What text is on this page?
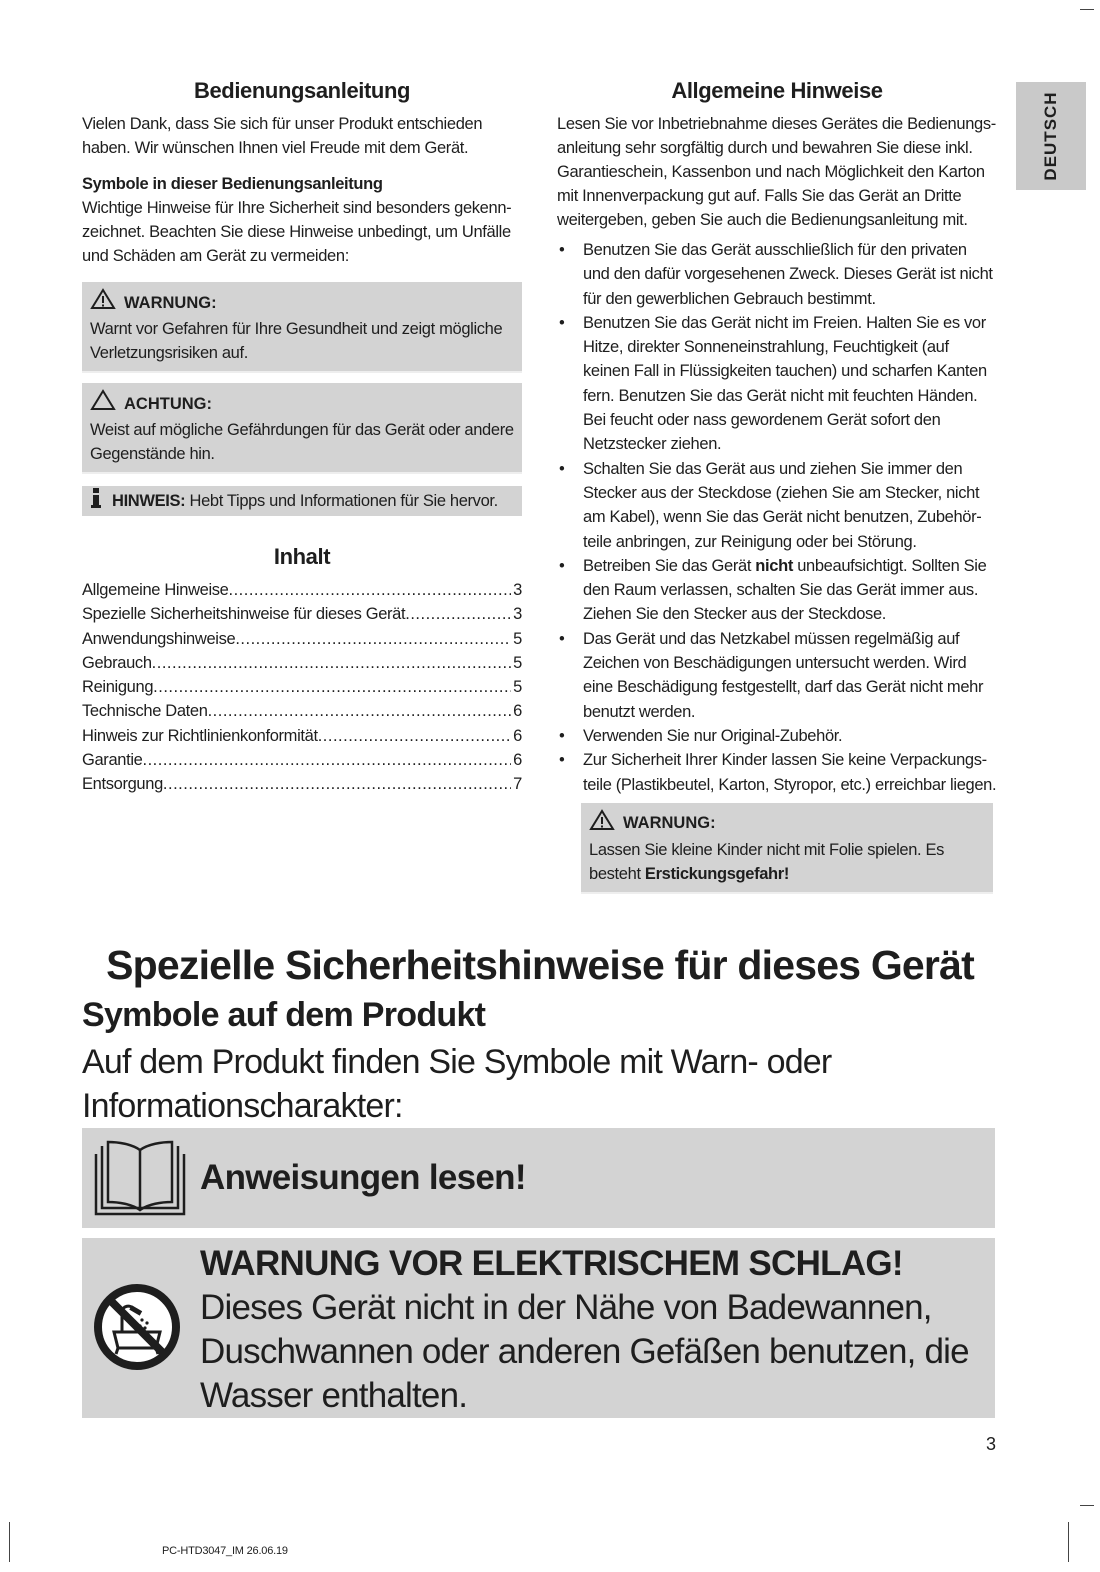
DEUTSCH
Bedienungsanleitung

Vielen Dank, dass Sie sich für unser Produkt entschieden haben. Wir wünschen Ihnen viel Freude mit dem Gerät.

Symbole in dieser Bedienungsanleitung

Wichtige Hinweise für Ihre Sicherheit sind besonders gekennzeichnet. Beachten Sie diese Hinweise unbedingt, um Unfälle und Schäden am Gerät zu vermeiden:

WARNUNG:

Warnt vor Gefahren für Ihre Gesundheit und zeigt mögliche Verletzungsrisiken auf.

ACHTUNG:

Weist auf mögliche Gefährdungen für das Gerät oder andere Gegenstände hin.

HINWEIS: Hebt Tipps und Informationen für Sie hervor.
Inhalt
Allgemeine Hinweise .....	3
Spezielle Sicherheitshinweise für dieses Gerät .....	3
Anwendungshinweise .....	5
Gebrauch .....	5
Reinigung .....	5
Technische Daten .....	6
Hinweis zur Richtlinienkonformität .....	6
Garantie .....	6
Entsorgung .....	7
Allgemeine Hinweise

Lesen Sie vor Inbetriebnahme dieses Gerätes die Bedienungsanleitung sehr sorgfältig durch und bewahren Sie diese inkl. Garantieschein, Kassenbon und nach Möglichkeit den Karton mit Innenverpackung gut auf. Falls Sie das Gerät an Dritte weitergeben, geben Sie auch die Bedienungsanleitung mit.

• Benutzen Sie das Gerät ausschließlich für den privaten und den dafür vorgesehenen Zweck. Dieses Gerät ist nicht für den gewerblichen Gebrauch bestimmt.
• Benutzen Sie das Gerät nicht im Freien. Halten Sie es vor Hitze, direkter Sonneneinstrahlung, Feuchtigkeit (auf keinen Fall in Flüssigkeiten tauchen) und scharfen Kanten fern. Benutzen Sie das Gerät nicht mit feuchten Händen. Bei feucht oder nass gewordenem Gerät sofort den Netzstecker ziehen.
• Schalten Sie das Gerät aus und ziehen Sie immer den Stecker aus der Steckdose (ziehen Sie am Stecker, nicht am Kabel), wenn Sie das Gerät nicht benutzen, Zubehörteile anbringen, zur Reinigung oder bei Störung.
• Betreiben Sie das Gerät nicht unbeaufsichtigt. Sollten Sie den Raum verlassen, schalten Sie das Gerät immer aus. Ziehen Sie den Stecker aus der Steckdose.
• Das Gerät und das Netzkabel müssen regelmäßig auf Zeichen von Beschädigungen untersucht werden. Wird eine Beschädigung festgestellt, darf das Gerät nicht mehr benutzt werden.
• Verwenden Sie nur Original-Zubehör.
• Zur Sicherheit Ihrer Kinder lassen Sie keine Verpackungsteile (Plastikbeutel, Karton, Styropor, etc.) erreichbar liegen.
WARNUNG:

Lassen Sie kleine Kinder nicht mit Folie spielen. Es besteht Erstickungsgefahr!

Spezielle Sicherheitshinweise für dieses Gerät
Symbole auf dem Produkt

Auf dem Produkt finden Sie Symbole mit Warn- oder Informationscharakter:

Anweisungen lesen!
WARNUNG VOR ELEKTRISCHEM SCHLAG!
Dieses Gerät nicht in der Nähe von Badewannen, Duschwannen oder anderen Gefäßen benutzen, die Wasser enthalten.
3
PC-HTD3047_IM 26.06.19
